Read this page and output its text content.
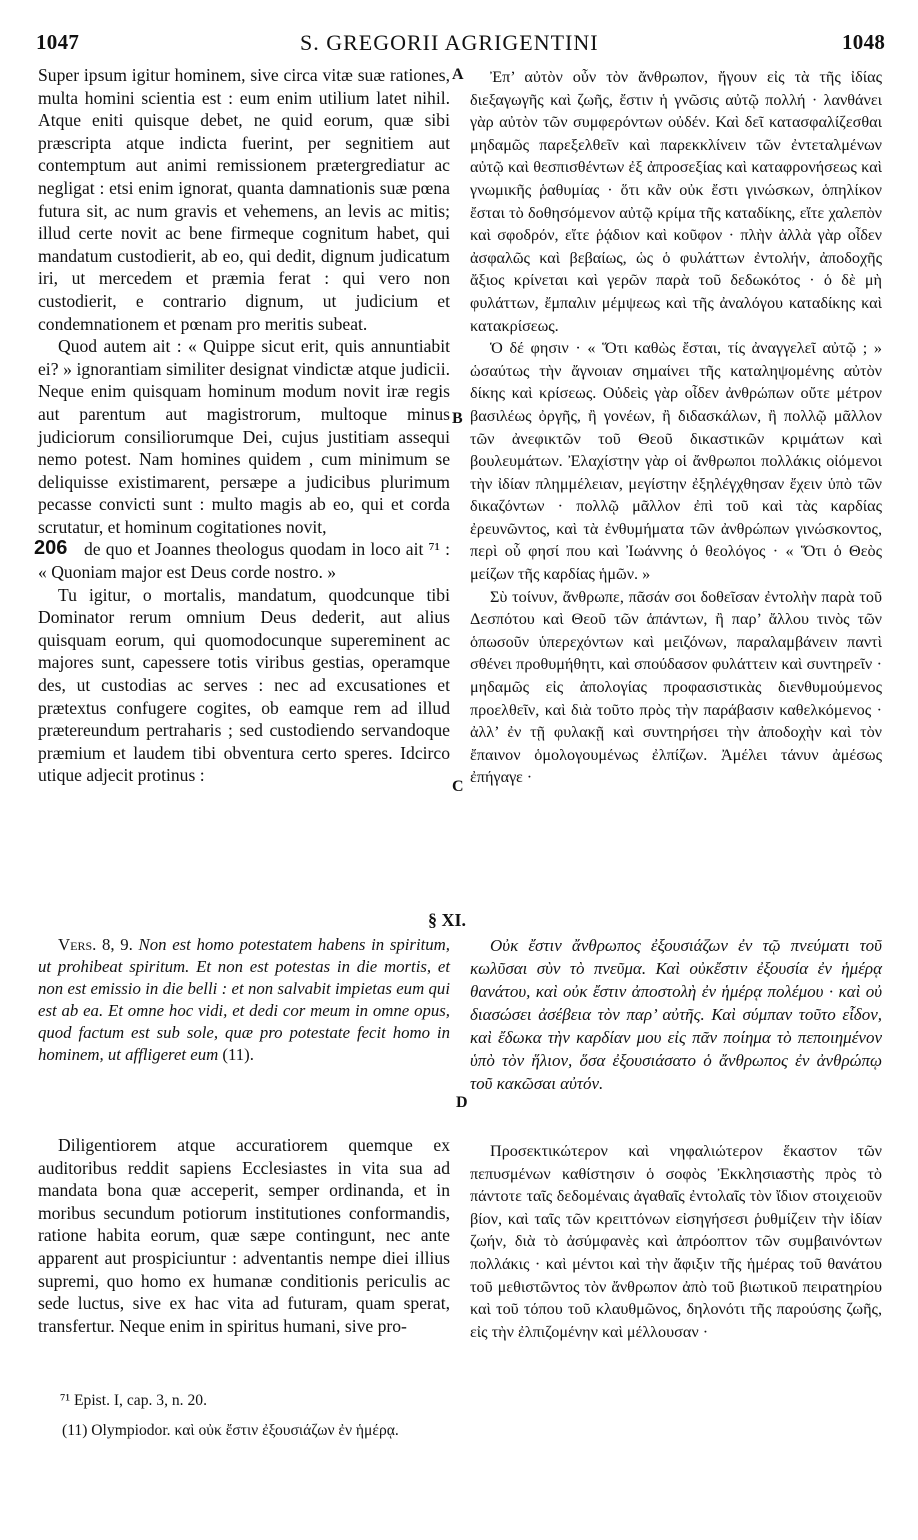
1047	S. GREGORII AGRIGENTINI	1048
A
B
C
D

Super ipsum igitur hominem, sive circa vitæ suæ rationes, multa homini scientia est : eum enim utilium latet nihil. Atque eniti quisque debet, ne quid eorum, quæ sibi præscripta atque indicta fuerint, per segnitiem aut contemptum aut animi remissionem prætergrediatur ac negligat : etsi enim ignorat, quanta damnationis suæ pœna futura sit, ac num gravis et vehemens, an levis ac mitis; illud certe novit ac bene firmeque cognitum habet, qui mandatum custodierit, ab eo, qui dedit, dignum judicatum iri, ut mercedem et præmia ferat : qui vero non custodierit, e contrario dignum, ut judicium et condemnationem et pœnam pro meritis subeat.

Quod autem ait : « Quippe sicut erit, quis annuntiabit ei? » ignorantiam similiter designat vindictæ atque judicii. Neque enim quisquam hominum modum novit iræ regis aut parentum aut magistrorum, multoque minus judiciorum consiliorumque Dei, cujus justitiam assequi nemo potest. Nam homines quidem , cum minimum se deliquisse existimarent, persæpe a judicibus plurimum pecasse convicti sunt : multo magis ab eo, qui et corda scrutatur, et hominum cogitationes novit,

206 de quo et Joannes theologus quodam in loco ait ⁷¹ : « Quoniam major est Deus corde nostro. »

Tu igitur, o mortalis, mandatum, quodcunque tibi Dominator rerum omnium Deus dederit, aut alius quisquam eorum, qui quomodocunque supereminent ac majores sunt, capessere totis viribus gestias, operamque des, ut custodias ac serves : nec ad excusationes et prætextus confugere cogites, ob eamque rem ad illud prætereundum pertraharis ; sed custodiendo servandoque præmium et laudem tibi obventura certo speres. Idcirco utique adjecit protinus :

§ XI.

Vers. 8, 9. Non est homo potestatem habens in spiritum, ut prohibeat spiritum. Et non est potestas in die mortis, et non est emissio in die belli : et non salvabit impietas eum qui est ab ea. Et omne hoc vidi, et dedi cor meum in omne opus, quod factum est sub sole, quæ pro potestate fecit homo in hominem, ut affligeret eum (11).

Diligentiorem atque accuratiorem quemque ex auditoribus reddit sapiens Ecclesiastes in vita sua ad mandata bona quæ acceperit, semper ordinanda, et in moribus secundum potiorum institutiones conformandis, ratione habita eorum, quæ sæpe contingunt, nec ante apparent aut prospiciuntur : adventantis nempe diei illius supremi, quo homo ex humanæ conditionis periculis ac sede luctus, sive ex hac vita ad futuram, quam sperat, transfertur. Neque enim in spiritus humani, sive pro-

Ἐπ’ αὐτὸν οὖν τὸν ἄνθρωπον, ἤγουν εἰς τὰ τῆς ἰδίας διεξαγωγῆς καὶ ζωῆς, ἔστιν ἡ γνῶσις αὐτῷ πολλή · λανθάνει γὰρ αὐτὸν τῶν συμφερόντων οὐδέν. Καὶ δεῖ κατασφαλίζεσθαι μηδαμῶς παρεξελθεῖν καὶ παρεκκλίνειν τῶν ἐντεταλμένων αὐτῷ καὶ θεσπισθέντων ἐξ ἀπροσεξίας καὶ καταφρονήσεως καὶ γνωμικῆς ῥαθυμίας · ὅτι κἂν οὐκ ἔστι γινώσκων, ὁπηλίκον ἔσται τὸ δοθησόμενον αὐτῷ κρίμα τῆς καταδίκης, εἴτε χαλεπὸν καὶ σφοδρόν, εἴτε ῥᾴδιον καὶ κοῦφον · πλὴν ἀλλὰ γὰρ οἶδεν ἀσφαλῶς καὶ βεβαίως, ὡς ὁ φυλάττων ἐντολήν, ἀποδοχῆς ἄξιος κρίνεται καὶ γερῶν παρὰ τοῦ δεδωκότος · ὁ δὲ μὴ φυλάττων, ἔμπαλιν μέμψεως καὶ τῆς ἀναλόγου καταδίκης καὶ κατακρίσεως.

Ὁ δέ φησιν · « Ὅτι καθὼς ἔσται, τίς ἀναγγελεῖ αὐτῷ ; » ὡσαύτως τὴν ἄγνοιαν σημαίνει τῆς καταληψομένης αὐτὸν δίκης καὶ κρίσεως. Οὐδεὶς γὰρ οἶδεν ἀνθρώπων οὔτε μέτρον βασιλέως ὀργῆς, ἢ γονέων, ἢ διδασκάλων, ἢ πολλῷ μᾶλλον τῶν ἀνεφικτῶν τοῦ Θεοῦ δικαστικῶν κριμάτων καὶ βουλευμάτων. Ἐλαχίστην γὰρ οἱ ἄνθρωποι πολλάκις οἰόμενοι τὴν ἰδίαν πλημμέλειαν, μεγίστην ἐξηλέγχθησαν ἔχειν ὑπὸ τῶν δικαζόντων · πολλῷ μᾶλλον ἐπὶ τοῦ καὶ τὰς καρδίας ἐρευνῶντος, καὶ τὰ ἐνθυμήματα τῶν ἀνθρώπων γινώσκοντος, περὶ οὗ φησί που καὶ Ἰωάννης ὁ θεολόγος · « Ὅτι ὁ Θεὸς μείζων τῆς καρδίας ἡμῶν. »

Σὺ τοίνυν, ἄνθρωπε, πᾶσάν σοι δοθεῖσαν ἐντολὴν παρὰ τοῦ Δεσπότου καὶ Θεοῦ τῶν ἁπάντων, ἢ παρ’ ἄλλου τινὸς τῶν ὁπωσοῦν ὑπερεχόντων καὶ μειζόνων, παραλαμβάνειν παντὶ σθένει προθυμήθητι, καὶ σπούδασον φυλάττειν καὶ συντηρεῖν · μηδαμῶς εἰς ἀπολογίας προφασιστικὰς διενθυμούμενος προελθεῖν, καὶ διὰ τοῦτο πρὸς τὴν παράβασιν καθελκόμενος · ἀλλ’ ἐν τῇ φυλακῇ καὶ συντηρήσει τὴν ἀποδοχὴν καὶ τὸν ἔπαινον ὁμολογουμένως ἐλπίζων. Ἀμέλει τάνυν ἀμέσως ἐπήγαγε ·

Οὐκ ἔστιν ἄνθρωπος ἐξουσιάζων ἐν τῷ πνεύματι τοῦ κωλῦσαι σὺν τὸ πνεῦμα. Καὶ οὐκἔστιν ἐξουσία ἐν ἡμέρᾳ θανάτου, καὶ οὐκ ἔστιν ἀποστολὴ ἐν ἡμέρᾳ πολέμου · καὶ οὐ διασώσει ἀσέβεια τὸν παρ’ αὐτῆς. Καὶ σύμπαν τοῦτο εἶδον, καὶ ἔδωκα τὴν καρδίαν μου εἰς πᾶν ποίημα τὸ πεποιημένον ὑπὸ τὸν ἥλιον, ὅσα ἐξουσιάσατο ὁ ἄνθρωπος ἐν ἀνθρώπῳ τοῦ κακῶσαι αὐτόν.

Προσεκτικώτερον καὶ νηφαλιώτερον ἕκαστον τῶν πεπυσμένων καθίστησιν ὁ σοφὸς Ἐκκλησιαστὴς πρὸς τὸ πάντοτε ταῖς δεδομέναις ἀγαθαῖς ἐντολαῖς τὸν ἴδιον στοιχειοῦν βίον, καὶ ταῖς τῶν κρειττόνων εἰσηγήσεσι ῥυθμίζειν τὴν ἰδίαν ζωήν, διὰ τὸ ἀσύμφανὲς καὶ ἀπρόοπτον τῶν συμβαινόντων πολλάκις · καὶ μέντοι καὶ τὴν ἄφιξιν τῆς ἡμέρας τοῦ θανάτου τοῦ μεθιστῶντος τὸν ἄνθρωπον ἀπὸ τοῦ βιωτικοῦ πειρατηρίου καὶ τοῦ τόπου τοῦ κλαυθμῶνος, δηλονότι τῆς παρούσης ζωῆς, εἰς τὴν ἐλπιζομένην καὶ μέλλουσαν ·

⁷¹ Epist. I, cap. 3, n. 20.
(11) Olympiodor. καὶ οὐκ ἔστιν ἐξουσιάζων ἐν ἡμέρᾳ.
